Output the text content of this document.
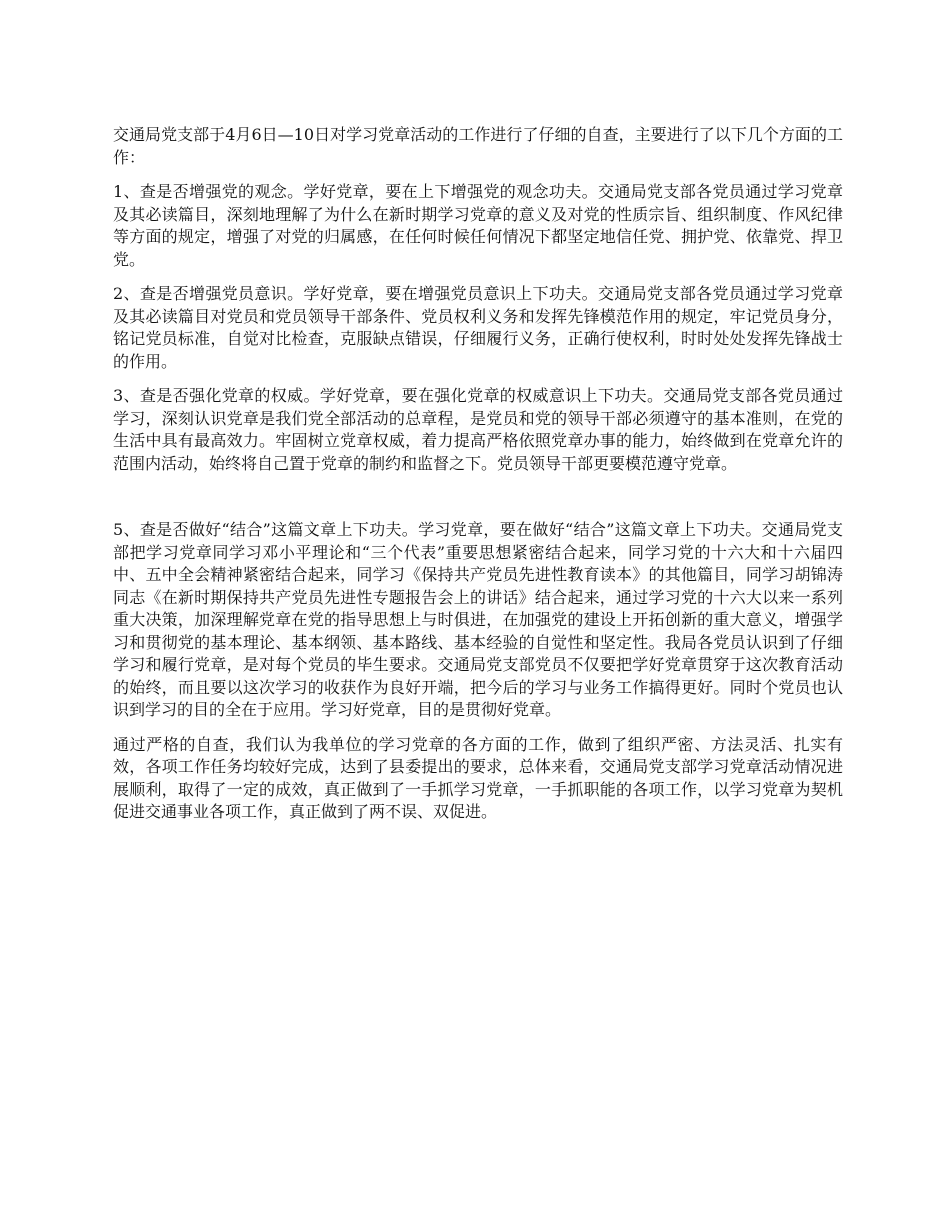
交通局党支部于4月6日—10日对学习党章活动的工作进行了仔细的自查，主要进行了以下几个方面的工作：

1、查是否增强党的观念。学好党章，要在上下增强党的观念功夫。交通局党支部各党员通过学习党章及其必读篇目，深刻地理解了为什么在新时期学习党章的意义及对党的性质宗旨、组织制度、作风纪律等方面的规定，增强了对党的归属感，在任何时候任何情况下都坚定地信任党、拥护党、依靠党、捍卫党。

2、查是否增强党员意识。学好党章，要在增强党员意识上下功夫。交通局党支部各党员通过学习党章及其必读篇目对党员和党员领导干部条件、党员权利义务和发挥先锋模范作用的规定，牢记党员身分，铭记党员标准，自觉对比检查，克服缺点错误，仔细履行义务，正确行使权利，时时处处发挥先锋战士的作用。

3、查是否强化党章的权威。学好党章，要在强化党章的权威意识上下功夫。交通局党支部各党员通过学习，深刻认识党章是我们党全部活动的总章程，是党员和党的领导干部必须遵守的基本准则，在党的生活中具有最高效力。牢固树立党章权威，着力提高严格依照党章办事的能力，始终做到在党章允许的范围内活动，始终将自己置于党章的制约和监督之下。党员领导干部更要模范遵守党章。

5、查是否做好“结合”这篇文章上下功夫。学习党章，要在做好“结合”这篇文章上下功夫。交通局党支部把学习党章同学习邓小平理论和“三个代表”重要思想紧密结合起来，同学习党的十六大和十六届四中、五中全会精神紧密结合起来，同学习《保持共产党员先进性教育读本》的其他篇目，同学习胡锦涛同志《在新时期保持共产党员先进性专题报告会上的讲话》结合起来，通过学习党的十六大以来一系列重大决策，加深理解党章在党的指导思想上与时俱进，在加强党的建设上开拓创新的重大意义，增强学习和贯彻党的基本理论、基本纲领、基本路线、基本经验的自觉性和坚定性。我局各党员认识到了仔细学习和履行党章，是对每个党员的毕生要求。交通局党支部党员不仅要把学好党章贯穿于这次教育活动的始终，而且要以这次学习的收获作为良好开端，把今后的学习与业务工作搞得更好。同时个党员也认识到学习的目的全在于应用。学习好党章，目的是贯彻好党章。

通过严格的自查，我们认为我单位的学习党章的各方面的工作，做到了组织严密、方法灵活、扎实有效，各项工作任务均较好完成，达到了县委提出的要求，总体来看，交通局党支部学习党章活动情况进展顺利，取得了一定的成效，真正做到了一手抓学习党章，一手抓职能的各项工作，以学习党章为契机促进交通事业各项工作，真正做到了两不误、双促进。
